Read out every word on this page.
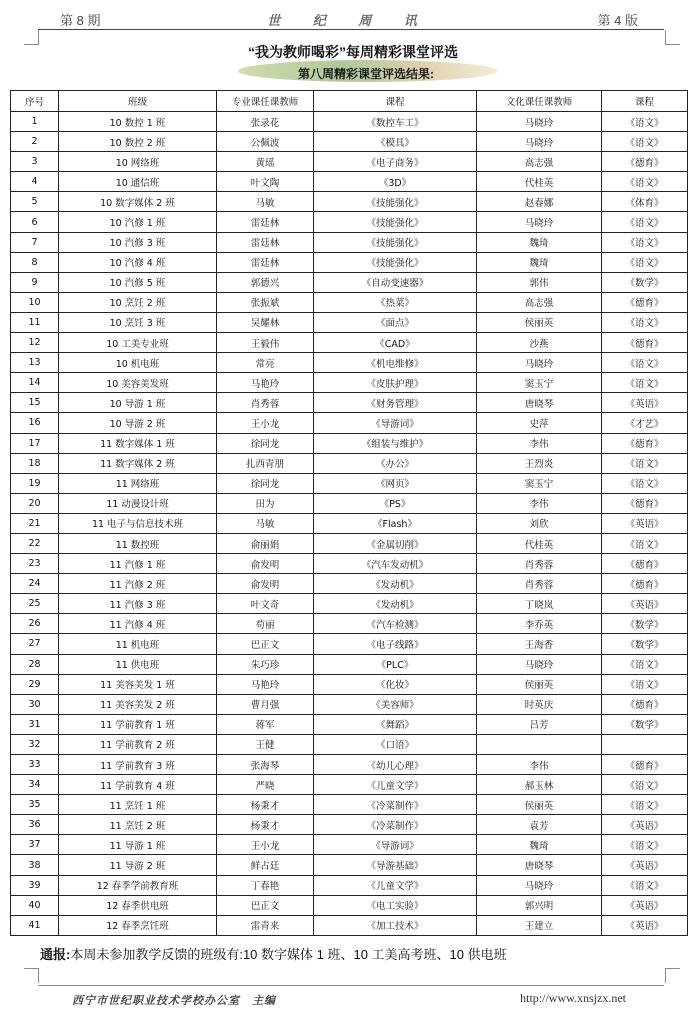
第 8 期	世 纪 周 讯	第 4 版
“我为教师喝彩”每周精彩课堂评选
第八周精彩课堂评选结果:
序号	班级	专业课任课教师	课程	文化课任课教师	课程
1	10 数控 1 班	张录花	《数控车工》	马晓玲	《语文》
2	10 数控 2 班	公佩波	《模具》	马晓玲	《语文》
3	10 网络班	黄瑶	《电子商务》	高志强	《德育》
4	10 通信班	叶文陶	《3D》	代桂英	《语文》
5	10 数字媒体 2 班	马敏	《技能强化》	赵春娜	《体育》
6	10 汽修 1 班	雷廷林	《技能强化》	马晓玲	《语文》
7	10 汽修 3 班	雷廷林	《技能强化》	魏琦	《语文》
8	10 汽修 4 班	雷廷林	《技能强化》	魏琦	《语文》
9	10 汽修 5 班	郭德兴	《自动变速器》	郭伟	《数学》
10	10 烹饪 2 班	张振斌	《热菜》	高志强	《德育》
11	10 烹饪 3 班	吴耀林	《面点》	侯丽英	《语文》
12	10 工美专业班	王毅伟	《CAD》	沙燕	《德育》
13	10 机电班	常亮	《机电维修》	马晓玲	《语文》
14	10 美容美发班	马艳玲	《皮肤护理》	窦玉宁	《语文》
15	10 导游 1 班	肖秀蓉	《财务管理》	唐晓琴	《英语》
16	10 导游 2 班	王小龙	《导游词》	史萍	《才艺》
17	11 数字媒体 1 班	徐同龙	《组装与维护》	李伟	《德育》
18	11 数字媒体 2 班	扎西青朋	《办公》	王烈炎	《语文》
19	11 网络班	徐同龙	《网页》	窦玉宁	《语文》
20	11 动漫设计班	田为	《PS》	李伟	《德育》
21	11 电子与信息技术班	马敏	《Flash》	刘欣	《英语》
22	11 数控班	俞丽娟	《金属切削》	代桂英	《语文》
23	11 汽修 1 班	俞发明	《汽车发动机》	肖秀蓉	《德育》
24	11 汽修 2 班	俞发明	《发动机》	肖秀蓉	《德育》
25	11 汽修 3 班	叶文奇	《发动机》	丁晓岚	《英语》
26	11 汽修 4 班	苟丽	《汽车检测》	李乔英	《数学》
27	11 机电班	巴正文	《电子线路》	王海香	《数学》
28	11 供电班	朱巧珍	《PLC》	马晓玲	《语文》
29	11 美容美发 1 班	马艳玲	《化妆》	侯丽英	《语文》
30	11 美容美发 2 班	曹月强	《美容师》	时英庆	《德育》
31	11 学前教育 1 班	蒋军	《舞蹈》	吕芳	《数学》
32	11 学前教育 2 班	王健	《口语》		
33	11 学前教育 3 班	张海琴	《幼儿心理》	李伟	《德育》
34	11 学前教育 4 班	严晓	《儿童文学》	郝玉林	《语文》
35	11 烹饪 1 班	杨秉才	《冷菜制作》	侯丽英	《语文》
36	11 烹饪 2 班	杨秉才	《冷菜制作》	袁芳	《英语》
37	11 导游 1 班	王小龙	《导游词》	魏琦	《语文》
38	11 导游 2 班	鲜占廷	《导游基础》	唐晓琴	《英语》
39	12 春季学前教育班	丁春艳	《儿童文学》	马晓玲	《语文》
40	12 春季供电班	巴正文	《电工实验》	郭兴明	《英语》
41	12 春季烹饪班	雷青来	《加工技术》	王建立	《英语》
通报:本周未参加教学反馈的班级有:10 数字媒体 1 班、10 工美高考班、10 供电班
西宁市世纪职业技术学校办公室　主编	http://www.xnsjzx.net
